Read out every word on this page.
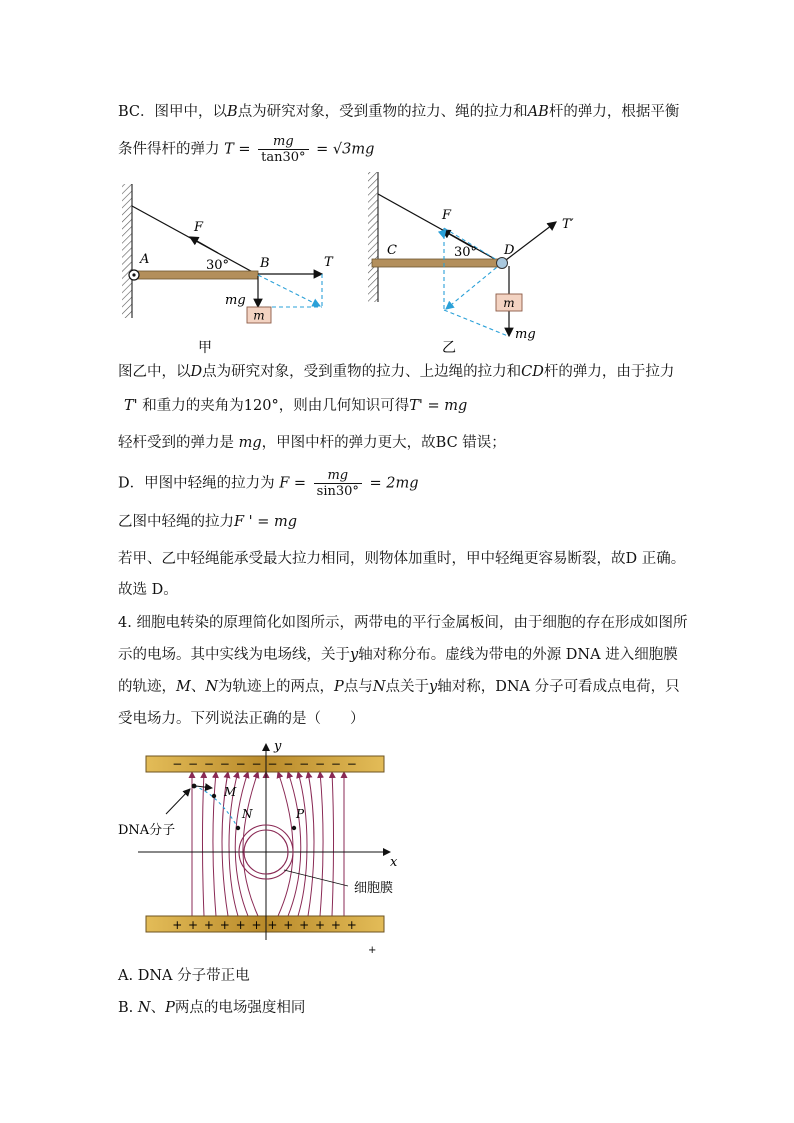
BC．图甲中，以B点为研究对象，受到重物的拉力、绳的拉力和AB杆的弹力，根据平衡
条件得杆的弹力 $T = \frac{mg}{\tan 30^\circ} = √3mg$
m
F
30°
A	B	T
mg
甲
m
F
30°
C	D
T′
mg
乙
图乙中，以D点为研究对象，受到重物的拉力、上边绳的拉力和CD杆的弹力，由于拉力
T' 和重力的夹角为120°，则由几何知识可得T' = mg
轻杆受到的弹力是 mg，甲图中杆的弹力更大，故BC 错误；
D．甲图中轻绳的拉力为 $F = \frac{mg}{\sin 30^\circ} = 2mg$
乙图中轻绳的拉力F ' = mg
若甲、乙中轻绳能承受最大拉力相同，则物体加重时，甲中轻绳更容易断裂，故D 正确。
故选 D。
4. 细胞电转染的原理简化如图所示，两带电的平行金属板间，由于细胞的存在形成如图所
示的电场。其中实线为电场线，关于y轴对称分布。虚线为带电的外源 DNA 进入细胞膜
的轨迹，M、N为轨迹上的两点，P点与N点关于y轴对称，DNA 分子可看成点电荷，只
受电场力。下列说法正确的是（　　）
− − − − − − − − − − − −
+ + + + + + + + + + + +
+
y
x
细胞膜
M
N	P
DNA分子
A. DNA 分子带正电
B. N、P两点的电场强度相同
